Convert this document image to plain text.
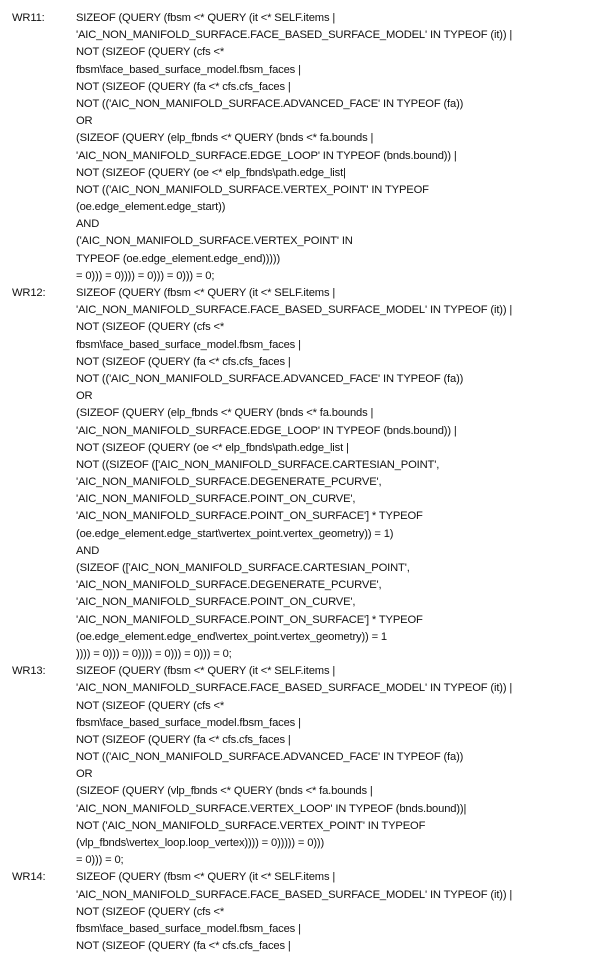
WR11:	SIZEOF (QUERY (fbsm <* QUERY (it <* SELF.items |
'AIC_NON_MANIFOLD_SURFACE.FACE_BASED_SURFACE_MODEL' IN TYPEOF (it)) |
NOT (SIZEOF (QUERY (cfs <*
fbsm\face_based_surface_model.fbsm_faces |
NOT (SIZEOF (QUERY (fa <* cfs.cfs_faces |
NOT (('AIC_NON_MANIFOLD_SURFACE.ADVANCED_FACE' IN TYPEOF (fa))
OR
(SIZEOF (QUERY (elp_fbnds <* QUERY (bnds <* fa.bounds |
'AIC_NON_MANIFOLD_SURFACE.EDGE_LOOP' IN TYPEOF (bnds.bound)) |
NOT (SIZEOF (QUERY (oe <* elp_fbnds\path.edge_list|
NOT (('AIC_NON_MANIFOLD_SURFACE.VERTEX_POINT' IN TYPEOF
(oe.edge_element.edge_start))
AND
('AIC_NON_MANIFOLD_SURFACE.VERTEX_POINT' IN
TYPEOF (oe.edge_element.edge_end)))))
= 0))) = 0)))) = 0))) = 0))) = 0;
WR12:	SIZEOF (QUERY (fbsm <* QUERY (it <* SELF.items |
'AIC_NON_MANIFOLD_SURFACE.FACE_BASED_SURFACE_MODEL' IN TYPEOF (it)) |
NOT (SIZEOF (QUERY (cfs <*
fbsm\face_based_surface_model.fbsm_faces |
NOT (SIZEOF (QUERY (fa <* cfs.cfs_faces |
NOT (('AIC_NON_MANIFOLD_SURFACE.ADVANCED_FACE' IN TYPEOF (fa))
OR
(SIZEOF (QUERY (elp_fbnds <* QUERY (bnds <* fa.bounds |
'AIC_NON_MANIFOLD_SURFACE.EDGE_LOOP' IN TYPEOF (bnds.bound)) |
NOT (SIZEOF (QUERY (oe <* elp_fbnds\path.edge_list |
NOT ((SIZEOF (['AIC_NON_MANIFOLD_SURFACE.CARTESIAN_POINT',
'AIC_NON_MANIFOLD_SURFACE.DEGENERATE_PCURVE',
'AIC_NON_MANIFOLD_SURFACE.POINT_ON_CURVE',
'AIC_NON_MANIFOLD_SURFACE.POINT_ON_SURFACE'] * TYPEOF
(oe.edge_element.edge_start\vertex_point.vertex_geometry)) = 1)
AND
(SIZEOF (['AIC_NON_MANIFOLD_SURFACE.CARTESIAN_POINT',
'AIC_NON_MANIFOLD_SURFACE.DEGENERATE_PCURVE',
'AIC_NON_MANIFOLD_SURFACE.POINT_ON_CURVE',
'AIC_NON_MANIFOLD_SURFACE.POINT_ON_SURFACE'] * TYPEOF
(oe.edge_element.edge_end\vertex_point.vertex_geometry)) = 1
)))) = 0))) = 0)))) = 0))) = 0))) = 0;
WR13:	SIZEOF (QUERY (fbsm <* QUERY (it <* SELF.items |
'AIC_NON_MANIFOLD_SURFACE.FACE_BASED_SURFACE_MODEL' IN TYPEOF (it)) |
NOT (SIZEOF (QUERY (cfs <*
fbsm\face_based_surface_model.fbsm_faces |
NOT (SIZEOF (QUERY (fa <* cfs.cfs_faces |
NOT (('AIC_NON_MANIFOLD_SURFACE.ADVANCED_FACE' IN TYPEOF (fa))
OR
(SIZEOF (QUERY (vlp_fbnds <* QUERY (bnds <* fa.bounds |
'AIC_NON_MANIFOLD_SURFACE.VERTEX_LOOP' IN TYPEOF (bnds.bound))|
NOT ('AIC_NON_MANIFOLD_SURFACE.VERTEX_POINT' IN TYPEOF
(vlp_fbnds\vertex_loop.loop_vertex)))) = 0))))) = 0)))
= 0))) = 0;
WR14:	SIZEOF (QUERY (fbsm <* QUERY (it <* SELF.items |
'AIC_NON_MANIFOLD_SURFACE.FACE_BASED_SURFACE_MODEL' IN TYPEOF (it)) |
NOT (SIZEOF (QUERY (cfs <*
fbsm\face_based_surface_model.fbsm_faces |
NOT (SIZEOF (QUERY (fa <* cfs.cfs_faces |
